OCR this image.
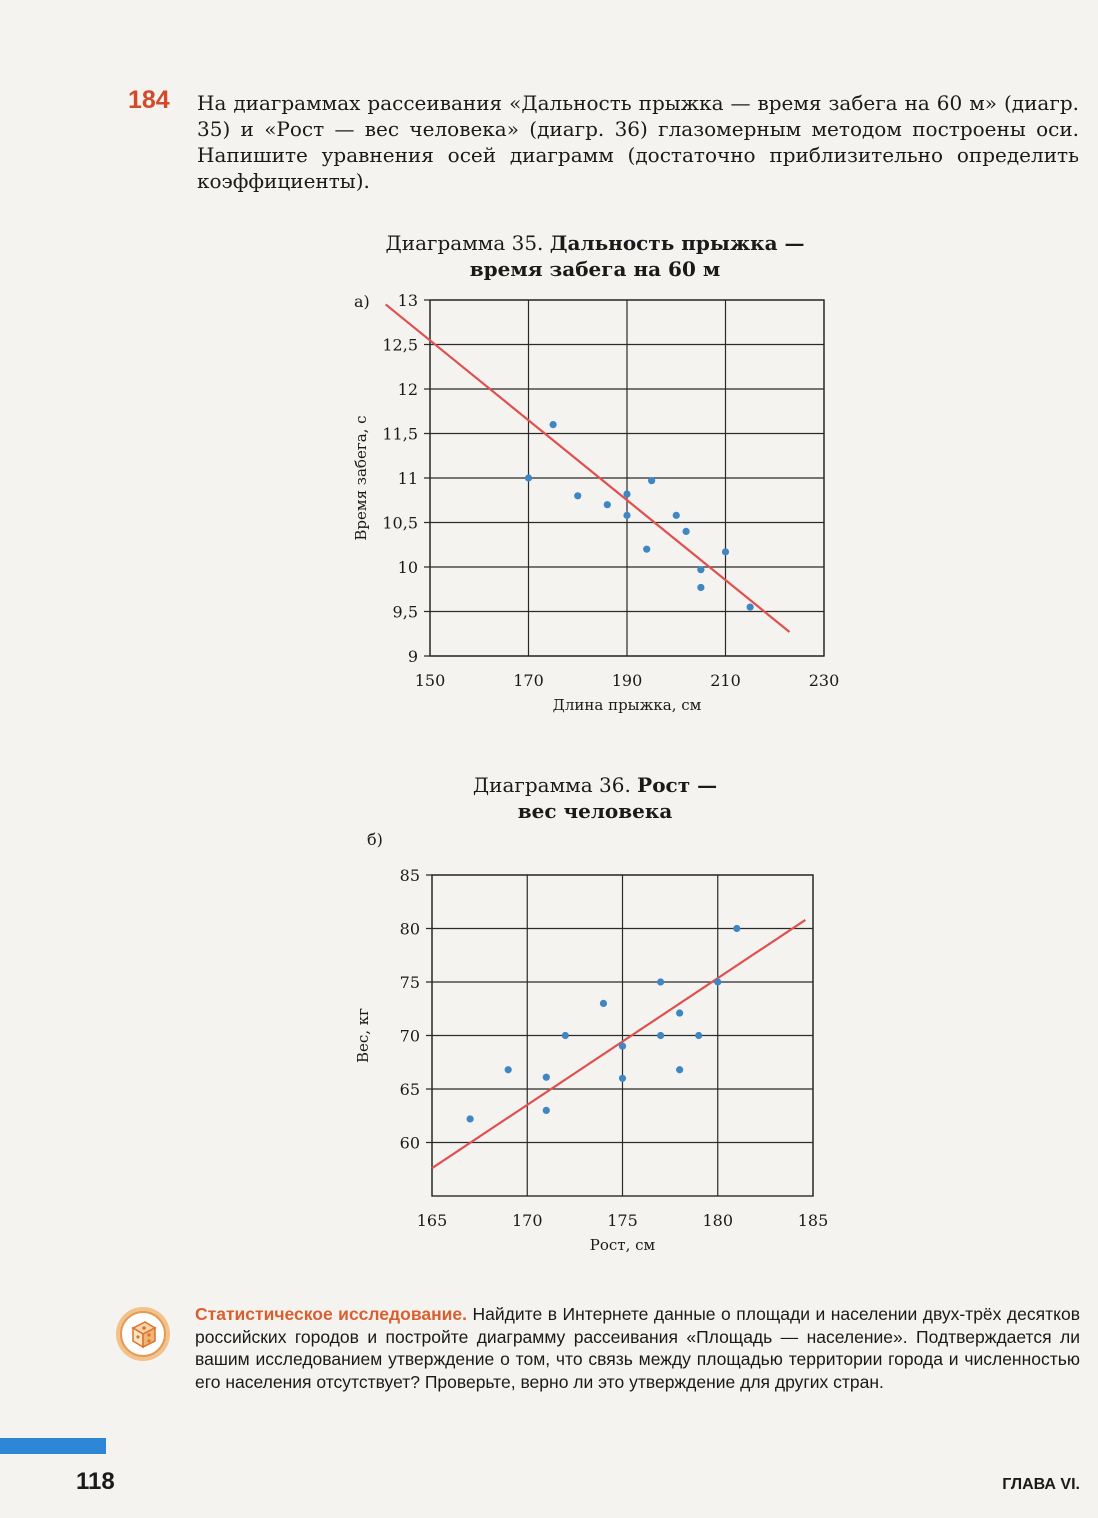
184 На диаграммах рассеивания «Дальность прыжка — время забега на 60 м» (диагр. 35) и «Рост — вес человека» (диагр. 36) глазомерным методом построены оси. Напишите уравнения осей диаграмм (достаточно приблизительно определить коэффициенты).
Диаграмма 35. Дальность прыжка —
время забега на 60 м
а)
150	170	190	210	230
9
9,5
10
10,5
11
11,5
12
12,5
13
Длина прыжка, см
Время забега, с
Диаграмма 36. Рост —
вес человека
б)
165	170	175	180	185
60
65
70
75
80
85
Рост, см
Вес, кг
Статистическое исследование. Найдите в Интернете данные о площади и населении двух-трёх десятков российских городов и постройте диаграмму рассеивания «Площадь — население». Подтверждается ли вашим исследованием утверждение о том, что связь между площадью территории города и численностью его населения отсутствует? Проверьте, верно ли это утверждение для других стран.
118	ГЛАВА VI.
